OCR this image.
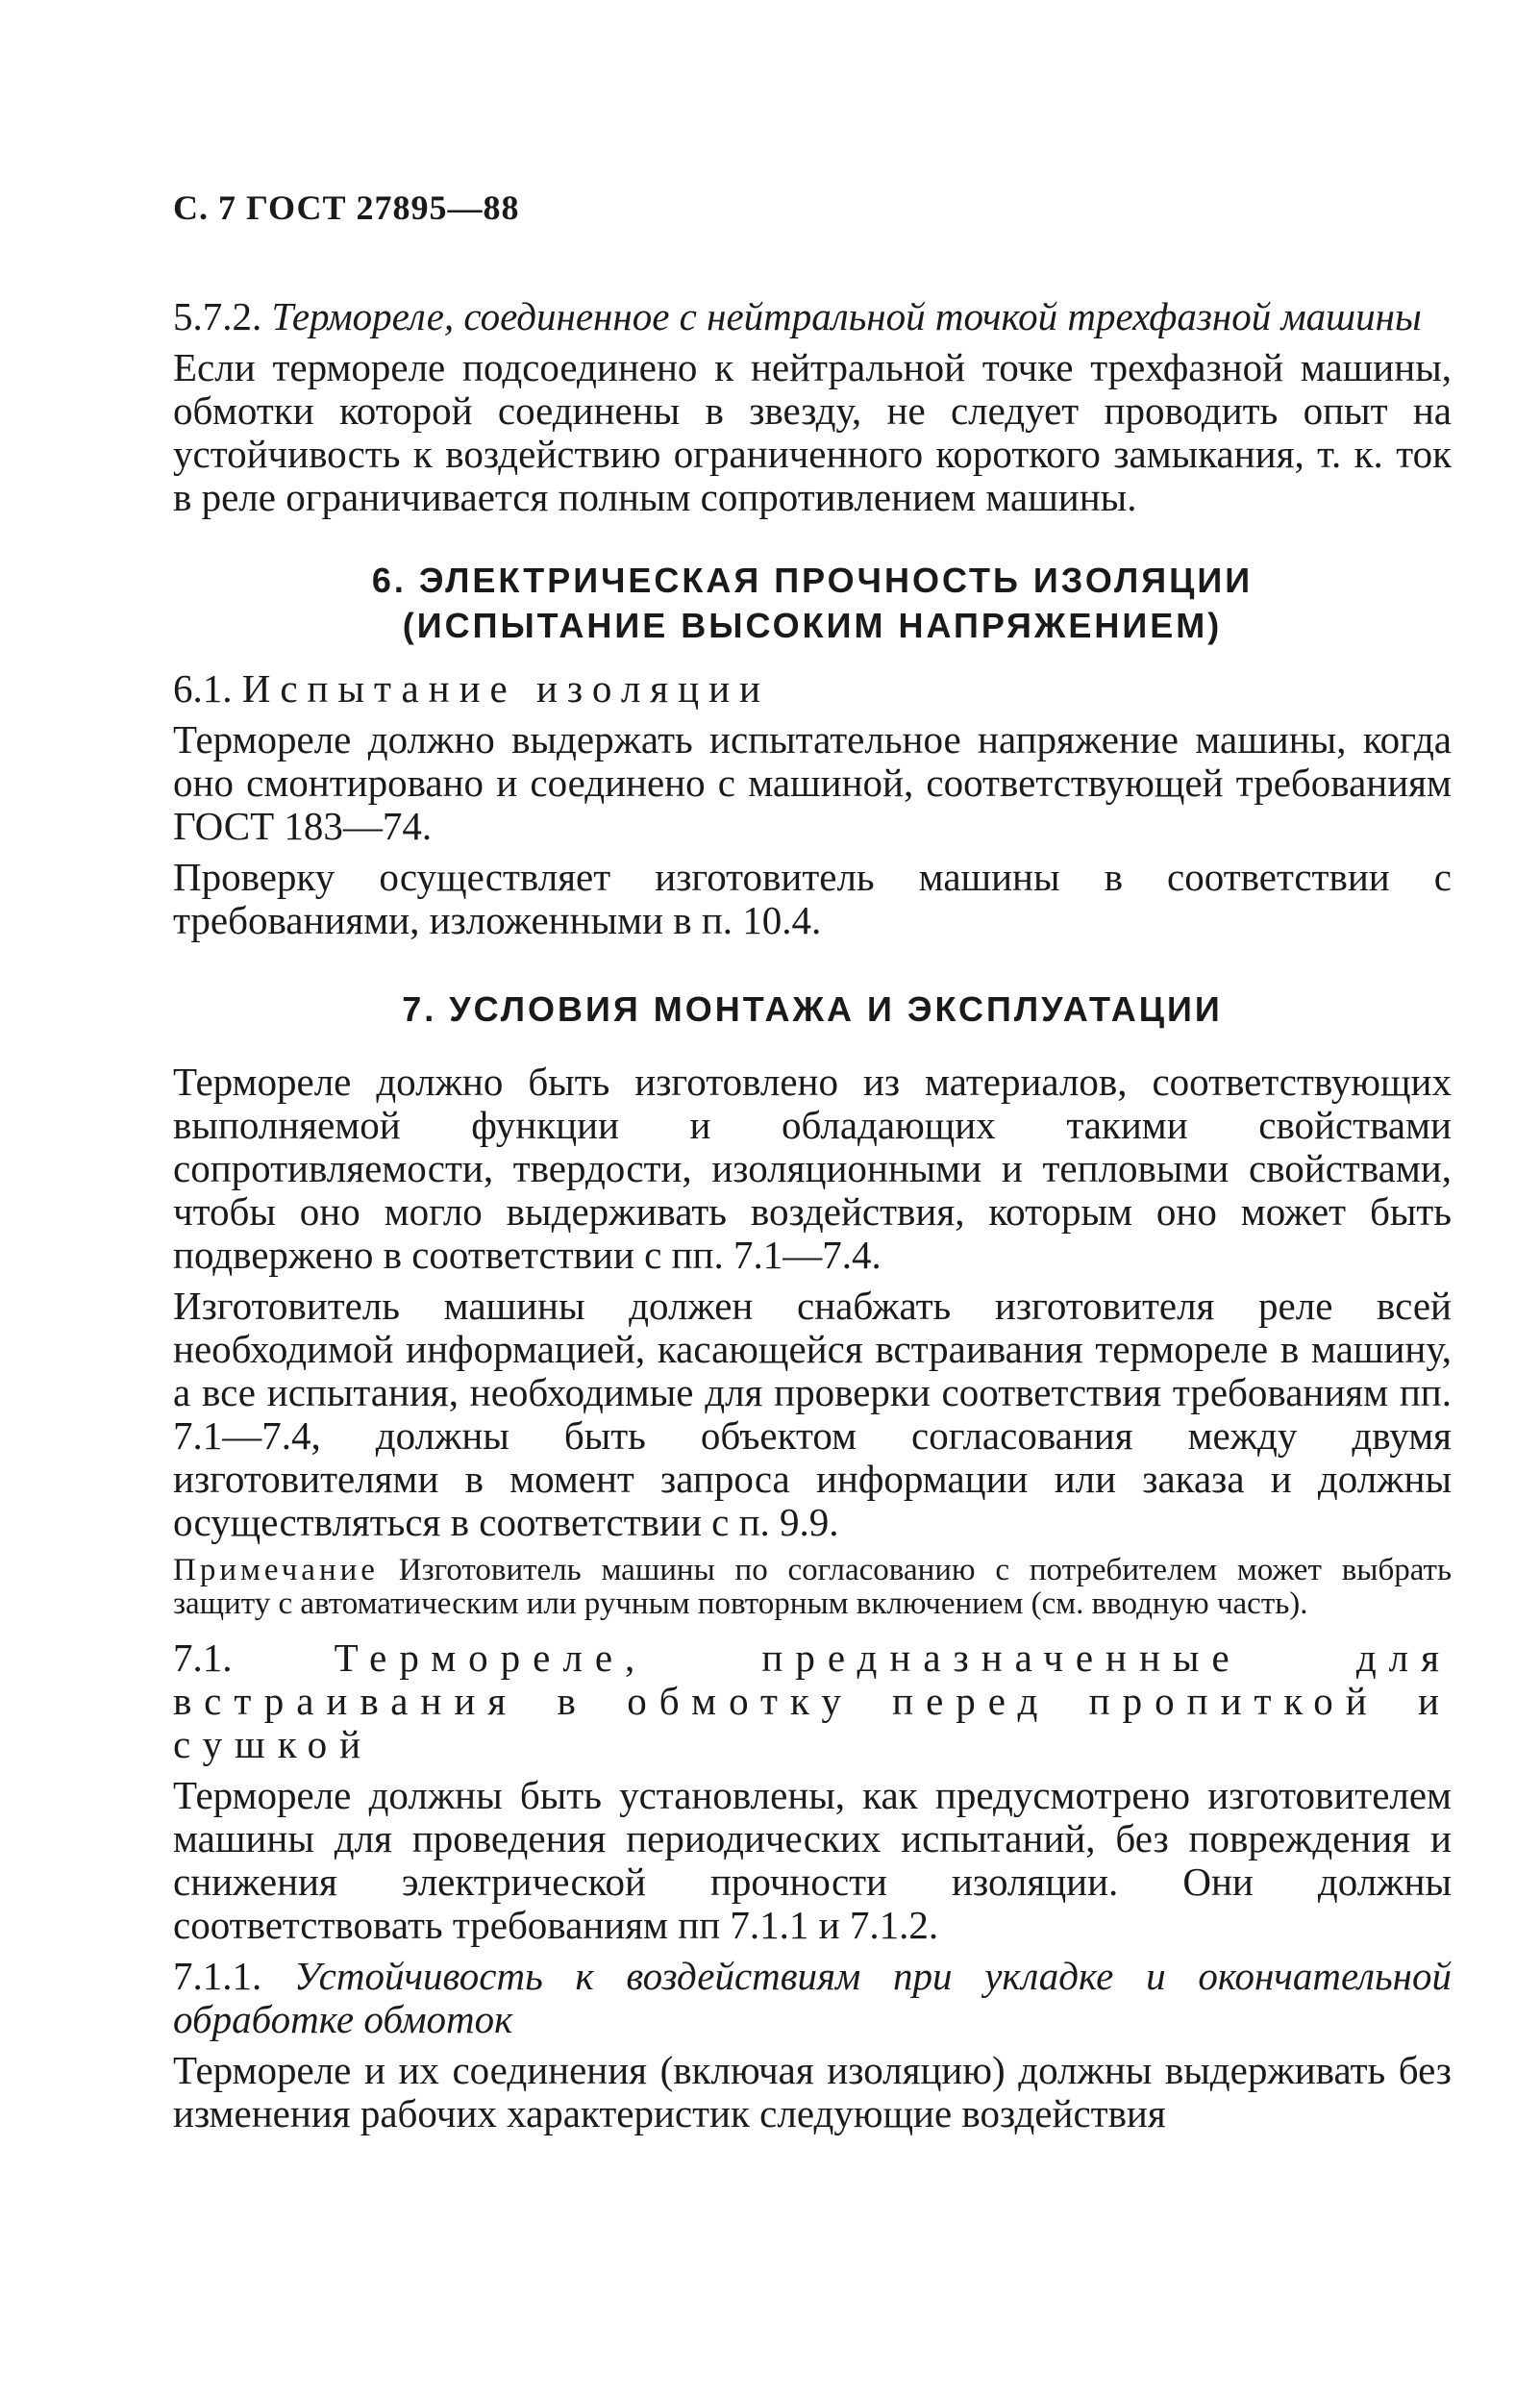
С. 7 ГОСТ 27895—88

5.7.2. Термореле, соединенное с нейтральной точкой трехфазной машины

Если термореле подсоединено к нейтральной точке трехфазной машины, обмотки которой соединены в звезду, не следует проводить опыт на устойчивость к воздействию ограниченного короткого замыкания, т. к. ток в реле ограничивается полным сопротивлением машины.

6. ЭЛЕКТРИЧЕСКАЯ ПРОЧНОСТЬ ИЗОЛЯЦИИ
(ИСПЫТАНИЕ ВЫСОКИМ НАПРЯЖЕНИЕМ)

6.1. Испытание изоляции

Термореле должно выдержать испытательное напряжение машины, когда оно смонтировано и соединено с машиной, соответствующей требованиям ГОСТ 183—74.

Проверку осуществляет изготовитель машины в соответствии с требованиями, изложенными в п. 10.4.

7. УСЛОВИЯ МОНТАЖА И ЭКСПЛУАТАЦИИ

Термореле должно быть изготовлено из материалов, соответствующих выполняемой функции и обладающих такими свойствами сопротивляемости, твердости, изоляционными и тепловыми свойствами, чтобы оно могло выдерживать воздействия, которым оно может быть подвержено в соответствии с пп. 7.1—7.4.

Изготовитель машины должен снабжать изготовителя реле всей необходимой информацией, касающейся встраивания термореле в машину, а все испытания, необходимые для проверки соответствия требованиям пп. 7.1—7.4, должны быть объектом согласования между двумя изготовителями в момент запроса информации или заказа и должны осуществляться в соответствии с п. 9.9.

Примечание Изготовитель машины по согласованию с потребителем может выбрать защиту с автоматическим или ручным повторным включением (см. вводную часть).

7.1.	Термореле, предназначенные для встраивания в обмотку перед пропиткой и сушкой

Термореле должны быть установлены, как предусмотрено изготовителем машины для проведения периодических испытаний, без повреждения и снижения электрической прочности изоляции. Они должны соответствовать требованиям пп 7.1.1 и 7.1.2.

7.1.1. Устойчивость к воздействиям при укладке и окончательной обработке обмоток

Термореле и их соединения (включая изоляцию) должны выдерживать без изменения рабочих характеристик следующие воздействия
